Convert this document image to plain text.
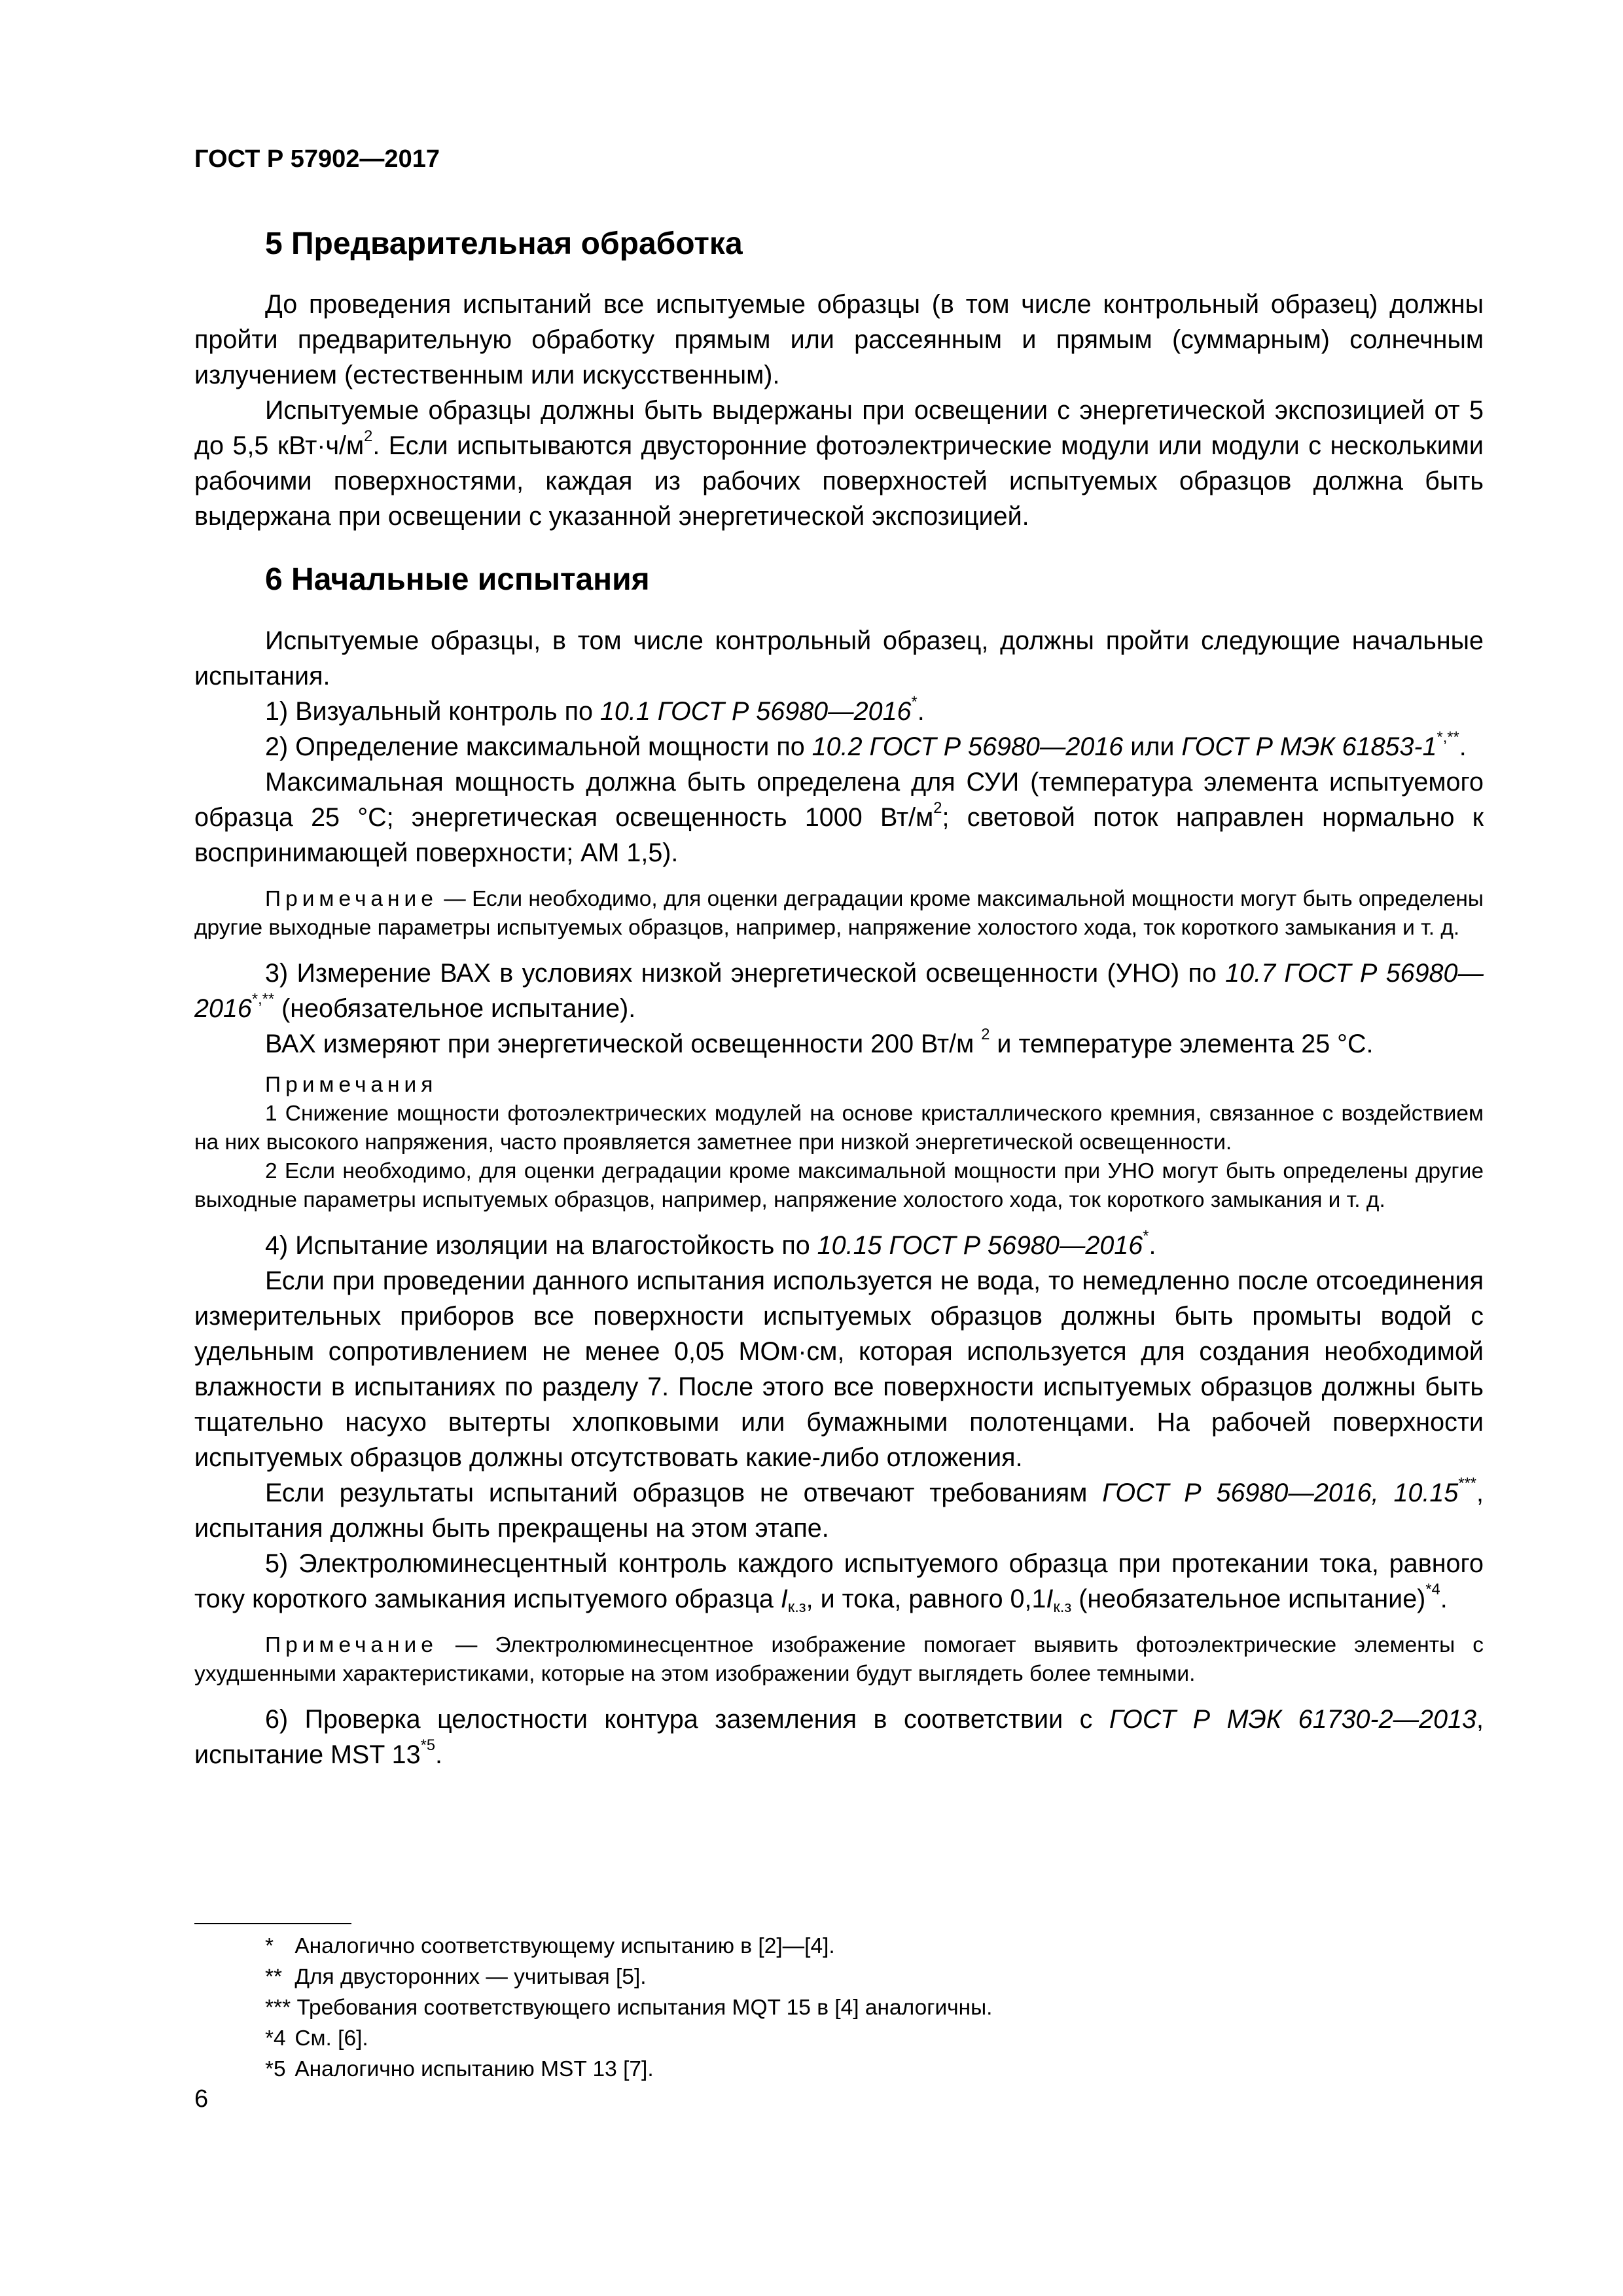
ГОСТ Р 57902—2017
5 Предварительная обработка

До проведения испытаний все испытуемые образцы (в том числе контрольный образец) должны пройти предварительную обработку прямым или рассеянным и прямым (суммарным) солнечным излучением (естественным или искусственным).

Испытуемые образцы должны быть выдержаны при освещении с энергетической экспозицией от 5 до 5,5 $кВт\cdot ч/м^2$. Если испытываются двусторонние фотоэлектрические модули или модули с несколькими рабочими поверхностями, каждая из рабочих поверхностей испытуемых образцов должна быть выдержана при освещении с указанной энергетической экспозицией.

6 Начальные испытания

Испытуемые образцы, в том числе контрольный образец, должны пройти следующие начальные испытания.

1) Визуальный контроль по 10.1 ГОСТ Р 56980—2016*.

2) Определение максимальной мощности по 10.2 ГОСТ Р 56980—2016 или ГОСТ Р МЭК 61853-1*,**.

Максимальная мощность должна быть определена для СУИ (температура элемента испытуемого образца 25 °С; энергетическая освещенность 1000 $Вт/м^2$; световой поток направлен нормально к воспринимающей поверхности; АМ 1,5).

Примечание — Если необходимо, для оценки деградации кроме максимальной мощности могут быть определены другие выходные параметры испытуемых образцов, например, напряжение холостого хода, ток короткого замыкания и т. д.

3) Измерение ВАХ в условиях низкой энергетической освещенности (УНО) по 10.7 ГОСТ Р 56980—2016*,** (необязательное испытание).

ВАХ измеряют при энергетической освещенности 200 Вт/м $^2$ и температуре элемента 25 °С.

Примечания

1 Снижение мощности фотоэлектрических модулей на основе кристаллического кремния, связанное с воздействием на них высокого напряжения, часто проявляется заметнее при низкой энергетической освещенности.

2 Если необходимо, для оценки деградации кроме максимальной мощности при УНО могут быть определены другие выходные параметры испытуемых образцов, например, напряжение холостого хода, ток короткого замыкания и т. д.

4) Испытание изоляции на влагостойкость по 10.15 ГОСТ Р 56980—2016*.

Если при проведении данного испытания используется не вода, то немедленно после отсоединения измерительных приборов все поверхности испытуемых образцов должны быть промыты водой с удельным сопротивлением не менее 0,05 МОм·см, которая используется для создания необходимой влажности в испытаниях по разделу 7. После этого все поверхности испытуемых образцов должны быть тщательно насухо вытерты хлопковыми или бумажными полотенцами. На рабочей поверхности испытуемых образцов должны отсутствовать какие-либо отложения.

Если результаты испытаний образцов не отвечают требованиям ГОСТ Р 56980—2016, 10.15***, испытания должны быть прекращены на этом этапе.

5) Электролюминесцентный контроль каждого испытуемого образца при протекании тока, равного току короткого замыкания испытуемого образца $I_{к.з}$, и тока, равного $0,1I_{к.з}$ (необязательное испытание)$^{*4}$.

Примечание — Электролюминесцентное изображение помогает выявить фотоэлектрические элементы с ухудшенными характеристиками, которые на этом изображении будут выглядеть более темными.

6) Проверка целостности контура заземления в соответствии с ГОСТ Р МЭК 61730-2—2013, испытание MST 13$^{*5}$.

* Аналогично соответствующему испытанию в [2]—[4].

** Для двусторонних — учитывая [5].

*** Требования соответствующего испытания MQT 15 в [4] аналогичны.

*4 См. [6].

*5 Аналогично испытанию MST 13 [7].

6
